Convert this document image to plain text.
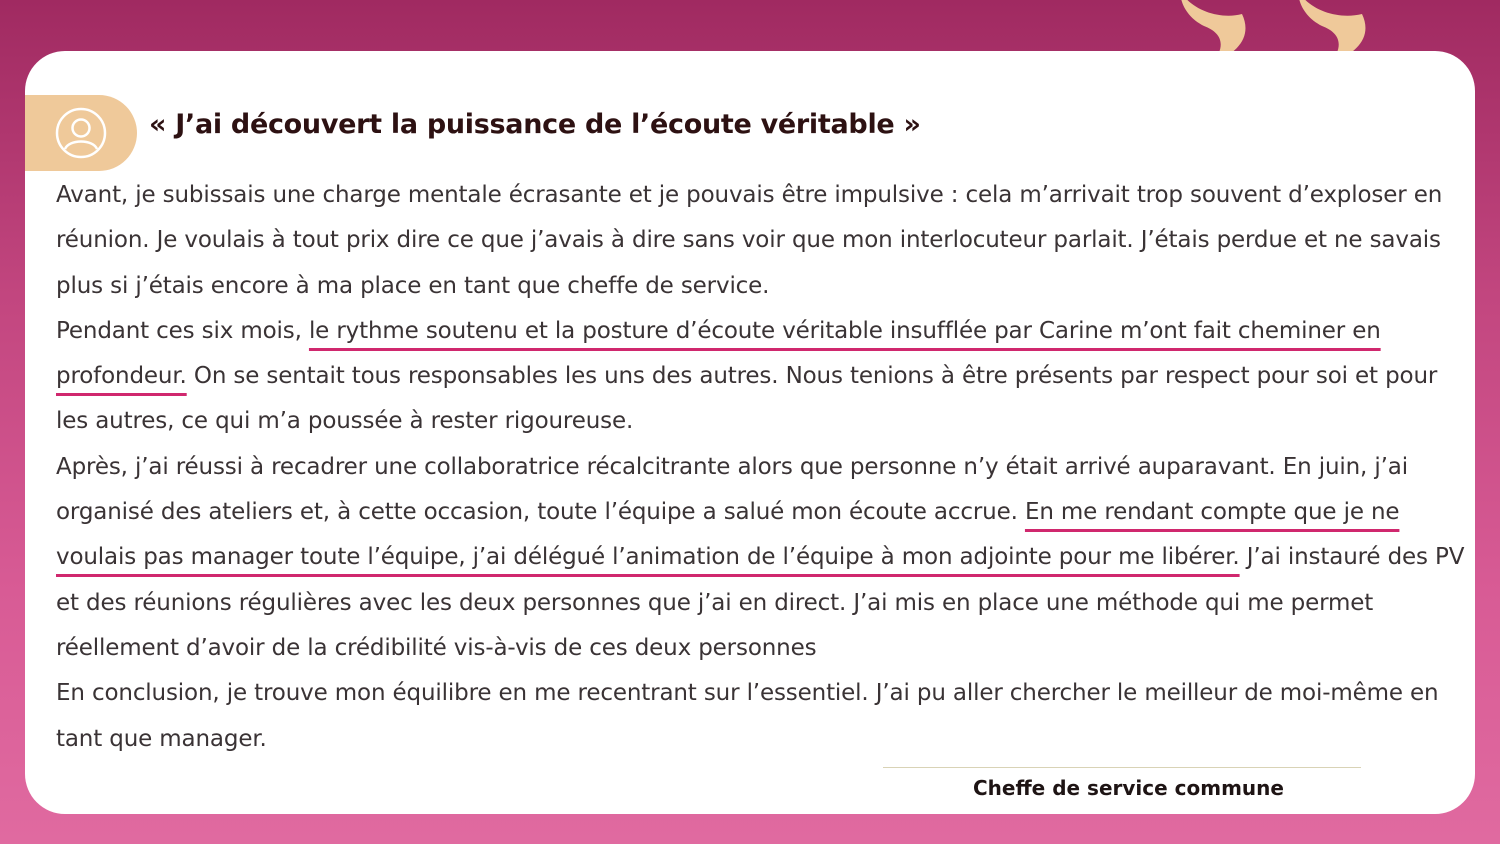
« J’ai découvert la puissance de l’écoute véritable »

Avant, je subissais une charge mentale écrasante et je pouvais être impulsive : cela m’arrivait trop souvent d’exploser en réunion. Je voulais à tout prix dire ce que j’avais à dire sans voir que mon interlocuteur parlait. J’étais perdue et ne savais plus si j’étais encore à ma place en tant que cheffe de service.

Pendant ces six mois, le rythme soutenu et la posture d’écoute véritable insufflée par Carine m’ont fait cheminer en profondeur. On se sentait tous responsables les uns des autres. Nous tenions à être présents par respect pour soi et pour les autres, ce qui m’a poussée à rester rigoureuse.

Après, j’ai réussi à recadrer une collaboratrice récalcitrante alors que personne n’y était arrivé auparavant. En juin, j’ai organisé des ateliers et, à cette occasion, toute l’équipe a salué mon écoute accrue. En me rendant compte que je ne voulais pas manager toute l’équipe, j’ai délégué l’animation de l’équipe à mon adjointe pour me libérer. J’ai instauré des PV et des réunions régulières avec les deux personnes que j’ai en direct. J’ai mis en place une méthode qui me permet réellement d’avoir de la crédibilité vis-à-vis de ces deux personnes

En conclusion, je trouve mon équilibre en me recentrant sur l’essentiel. J’ai pu aller chercher le meilleur de moi-même en tant que manager.

Cheffe de service commune
